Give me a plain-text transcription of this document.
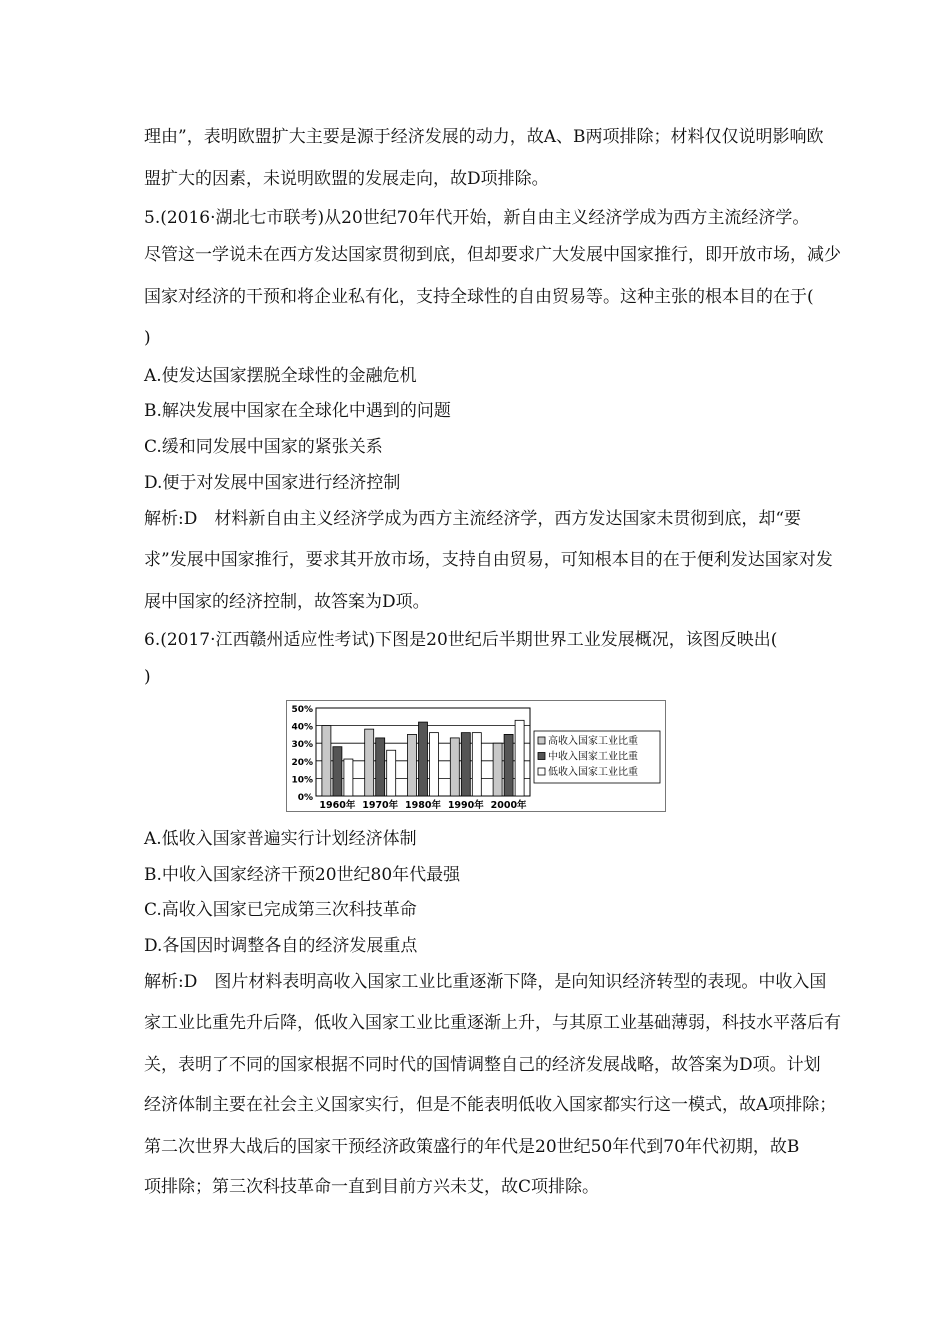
理由”，表明欧盟扩大主要是源于经济发展的动力，故A、B两项排除；材料仅仅说明影响欧
盟扩大的因素，未说明欧盟的发展走向，故D项排除。
5.(2016·湖北七市联考)从20世纪70年代开始，新自由主义经济学成为西方主流经济学。
尽管这一学说未在西方发达国家贯彻到底，但却要求广大发展中国家推行，即开放市场，减少
国家对经济的干预和将企业私有化，支持全球性的自由贸易等。这种主张的根本目的在于(
)
A.使发达国家摆脱全球性的金融危机
B.解决发展中国家在全球化中遇到的问题
C.缓和同发展中国家的紧张关系
D.便于对发展中国家进行经济控制
解析:D　材料新自由主义经济学成为西方主流经济学，西方发达国家未贯彻到底，却“要
求”发展中国家推行，要求其开放市场，支持自由贸易，可知根本目的在于便利发达国家对发
展中国家的经济控制，故答案为D项。
6.(2017·江西赣州适应性考试)下图是20世纪后半期世界工业发展概况，该图反映出(
)
A.低收入国家普遍实行计划经济体制
B.中收入国家经济干预20世纪80年代最强
C.高收入国家已完成第三次科技革命
D.各国因时调整各自的经济发展重点
解析:D　图片材料表明高收入国家工业比重逐渐下降，是向知识经济转型的表现。中收入国
家工业比重先升后降，低收入国家工业比重逐渐上升，与其原工业基础薄弱，科技水平落后有
关，表明了不同的国家根据不同时代的国情调整自己的经济发展战略，故答案为D项。计划
经济体制主要在社会主义国家实行，但是不能表明低收入国家都实行这一模式，故A项排除；
第二次世界大战后的国家干预经济政策盛行的年代是20世纪50年代到70年代初期，故B
项排除；第三次科技革命一直到目前方兴未艾，故C项排除。
0%
10%
20%
30%
40%
50%
1960年 1970年 1980年 1990年 2000年
高收入国家工业比重
中收入国家工业比重
低收入国家工业比重
